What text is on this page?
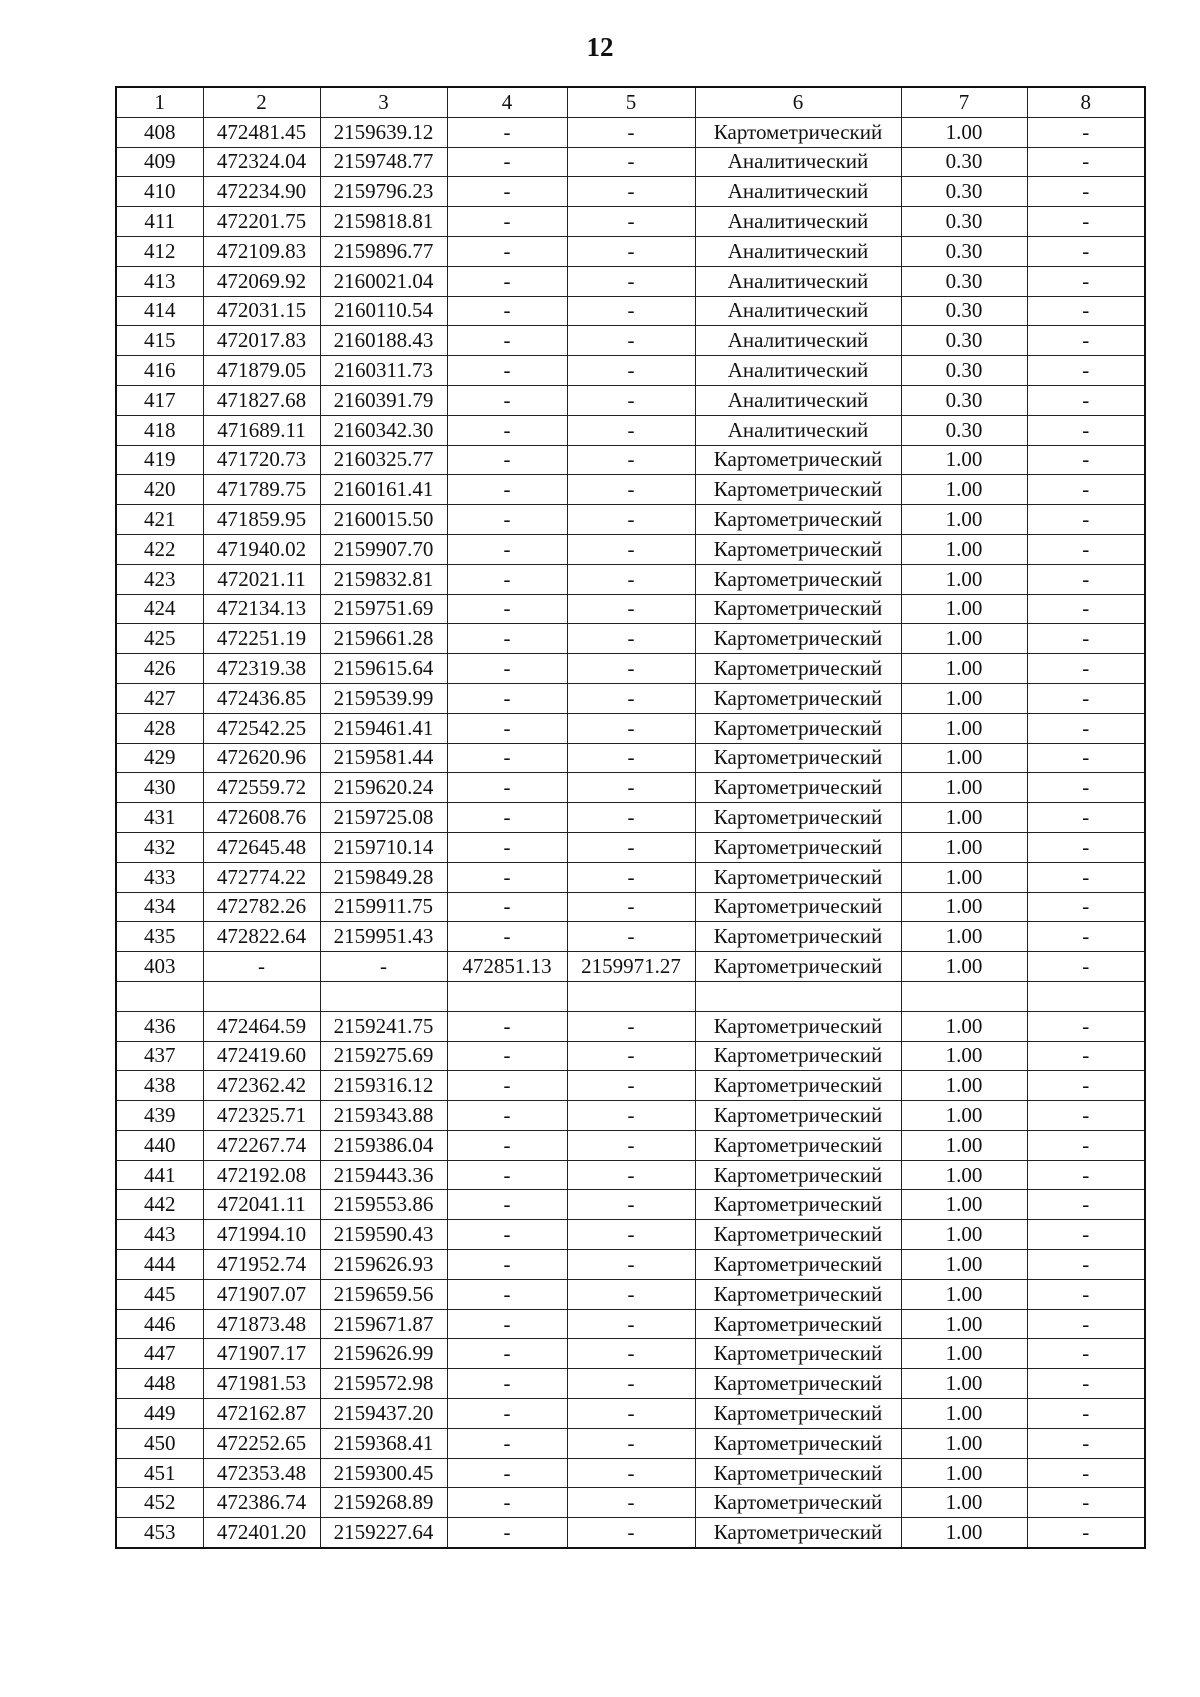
12
1	2	3	4	5	6	7	8
408	472481.45	2159639.12	-	-	Картометрический	1.00	-
409	472324.04	2159748.77	-	-	Аналитический	0.30	-
410	472234.90	2159796.23	-	-	Аналитический	0.30	-
411	472201.75	2159818.81	-	-	Аналитический	0.30	-
412	472109.83	2159896.77	-	-	Аналитический	0.30	-
413	472069.92	2160021.04	-	-	Аналитический	0.30	-
414	472031.15	2160110.54	-	-	Аналитический	0.30	-
415	472017.83	2160188.43	-	-	Аналитический	0.30	-
416	471879.05	2160311.73	-	-	Аналитический	0.30	-
417	471827.68	2160391.79	-	-	Аналитический	0.30	-
418	471689.11	2160342.30	-	-	Аналитический	0.30	-
419	471720.73	2160325.77	-	-	Картометрический	1.00	-
420	471789.75	2160161.41	-	-	Картометрический	1.00	-
421	471859.95	2160015.50	-	-	Картометрический	1.00	-
422	471940.02	2159907.70	-	-	Картометрический	1.00	-
423	472021.11	2159832.81	-	-	Картометрический	1.00	-
424	472134.13	2159751.69	-	-	Картометрический	1.00	-
425	472251.19	2159661.28	-	-	Картометрический	1.00	-
426	472319.38	2159615.64	-	-	Картометрический	1.00	-
427	472436.85	2159539.99	-	-	Картометрический	1.00	-
428	472542.25	2159461.41	-	-	Картометрический	1.00	-
429	472620.96	2159581.44	-	-	Картометрический	1.00	-
430	472559.72	2159620.24	-	-	Картометрический	1.00	-
431	472608.76	2159725.08	-	-	Картометрический	1.00	-
432	472645.48	2159710.14	-	-	Картометрический	1.00	-
433	472774.22	2159849.28	-	-	Картометрический	1.00	-
434	472782.26	2159911.75	-	-	Картометрический	1.00	-
435	472822.64	2159951.43	-	-	Картометрический	1.00	-
403	-	-	472851.13	2159971.27	Картометрический	1.00	-

436	472464.59	2159241.75	-	-	Картометрический	1.00	-
437	472419.60	2159275.69	-	-	Картометрический	1.00	-
438	472362.42	2159316.12	-	-	Картометрический	1.00	-
439	472325.71	2159343.88	-	-	Картометрический	1.00	-
440	472267.74	2159386.04	-	-	Картометрический	1.00	-
441	472192.08	2159443.36	-	-	Картометрический	1.00	-
442	472041.11	2159553.86	-	-	Картометрический	1.00	-
443	471994.10	2159590.43	-	-	Картометрический	1.00	-
444	471952.74	2159626.93	-	-	Картометрический	1.00	-
445	471907.07	2159659.56	-	-	Картометрический	1.00	-
446	471873.48	2159671.87	-	-	Картометрический	1.00	-
447	471907.17	2159626.99	-	-	Картометрический	1.00	-
448	471981.53	2159572.98	-	-	Картометрический	1.00	-
449	472162.87	2159437.20	-	-	Картометрический	1.00	-
450	472252.65	2159368.41	-	-	Картометрический	1.00	-
451	472353.48	2159300.45	-	-	Картометрический	1.00	-
452	472386.74	2159268.89	-	-	Картометрический	1.00	-
453	472401.20	2159227.64	-	-	Картометрический	1.00	-
